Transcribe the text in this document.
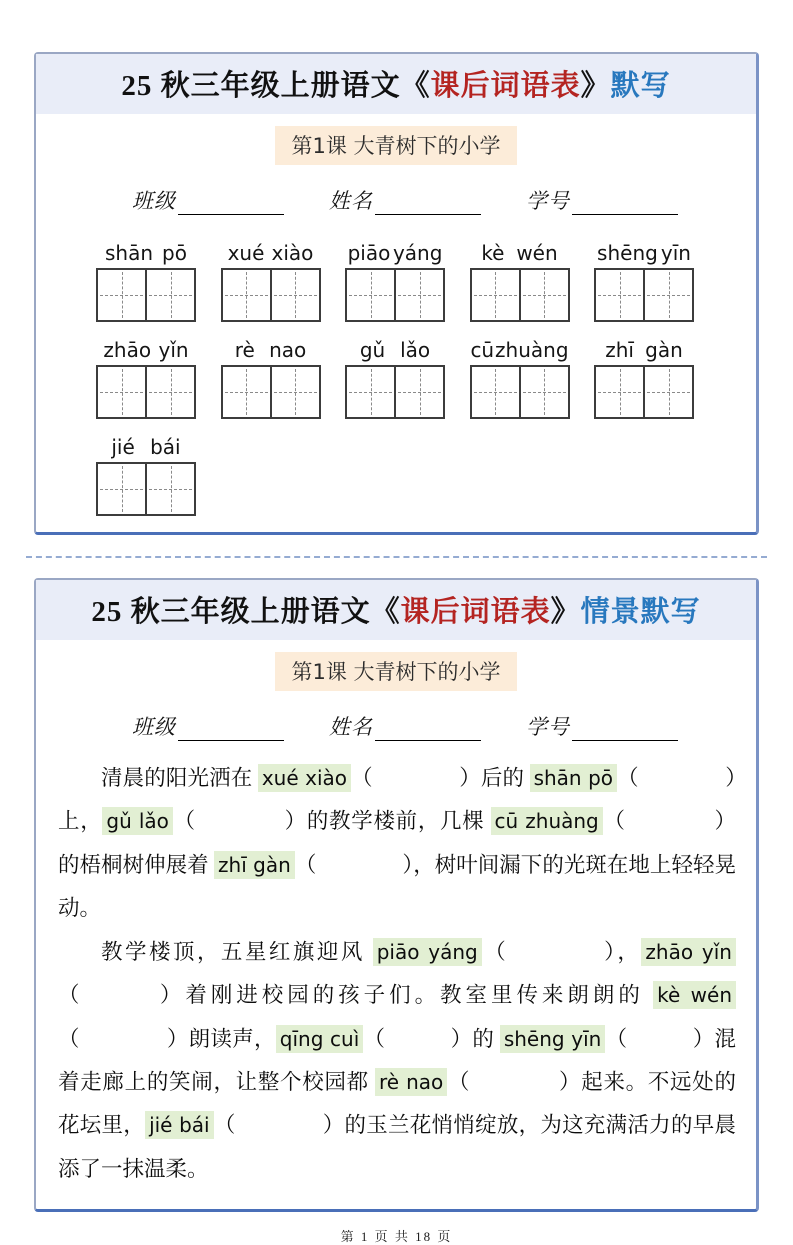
25 秋三年级上册语文《课后词语表》默写
第1课 大青树下的小学
班级	姓名	学号
shān pō xué xiào piāo yáng kè wén shēng yīn
zhāo yǐn rè nao	gǔ lǎo cū zhuàng zhī gàn
jié bái
25 秋三年级上册语文《课后词语表》情景默写
第1课 大青树下的小学
班级	姓名	学号

清晨的阳光洒在 xué xiào （　　　　）后的 shān pō （　　　　）上， gǔ lǎo （　　　　）的教学楼前，几棵 cū zhuàng （　　　　）的梧桐树伸展着 zhī gàn （　　　　），树叶间漏下的光斑在地上轻轻晃动。

教学楼顶，五星红旗迎风 piāo yáng （　　　　）， zhāo yǐn（　　　）着刚进校园的孩子们。教室里传来朗朗的 kè wén（　　　　）朗读声， qīng cuì （　　　）的 shēng yīn （　　　）混着走廊上的笑闹，让整个校园都 rè nao （　　　　）起来。不远处的花坛里， jié bái （　　　　）的玉兰花悄悄绽放，为这充满活力的早晨添了一抹温柔。

第 1 页 共 18 页
